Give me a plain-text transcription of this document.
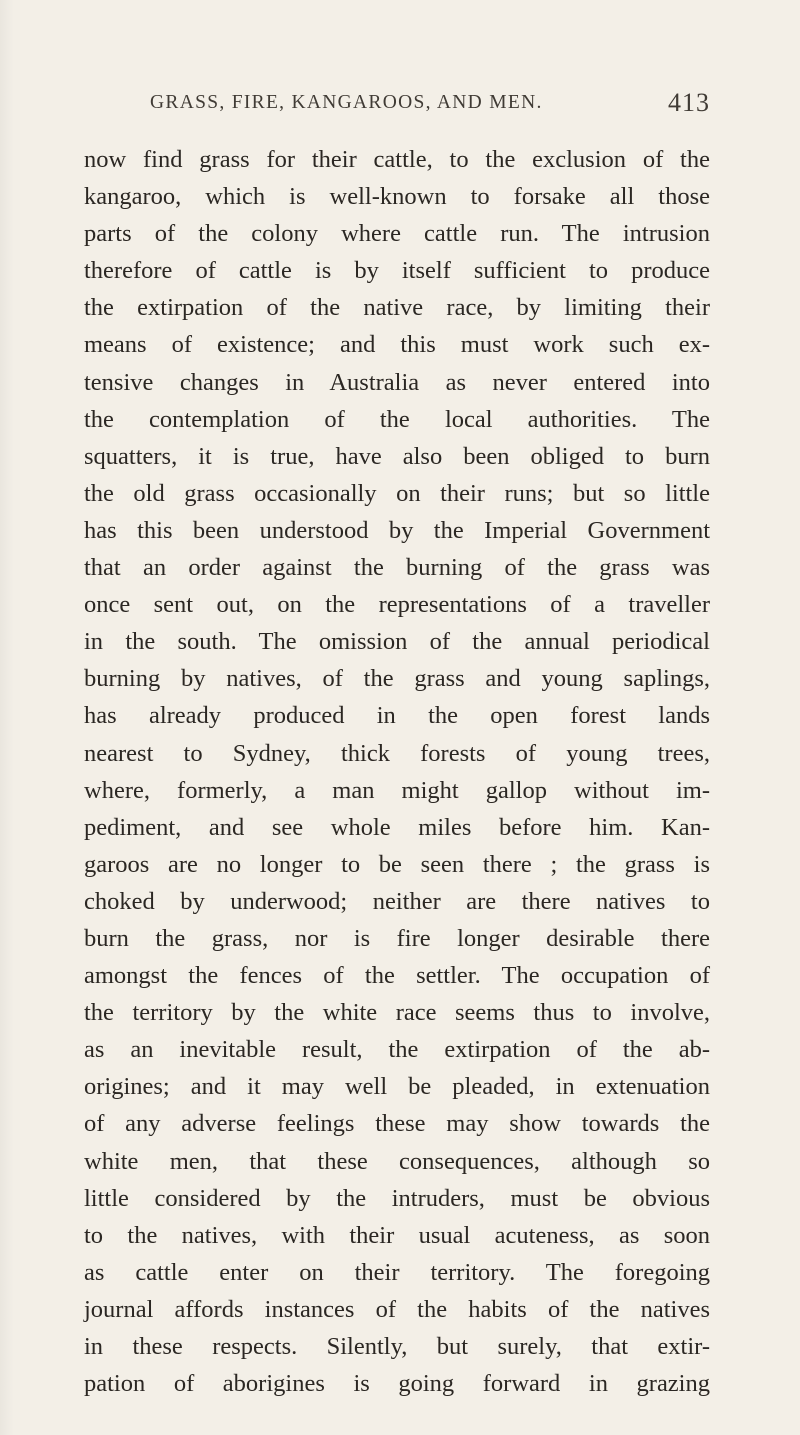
GRASS, FIRE, KANGAROOS, AND MEN.	413
now find grass for their cattle, to the exclusion of the
kangaroo, which is well-known to forsake all those
parts of the colony where cattle run. The intrusion
therefore of cattle is by itself sufficient to produce
the extirpation of the native race, by limiting their
means of existence; and this must work such ex-
tensive changes in Australia as never entered into
the contemplation of the local authorities. The
squatters, it is true, have also been obliged to burn
the old grass occasionally on their runs; but so little
has this been understood by the Imperial Government
that an order against the burning of the grass was
once sent out, on the representations of a traveller
in the south. The omission of the annual periodical
burning by natives, of the grass and young saplings,
has already produced in the open forest lands
nearest to Sydney, thick forests of young trees,
where, formerly, a man might gallop without im-
pediment, and see whole miles before him. Kan-
garoos are no longer to be seen there ; the grass is
choked by underwood; neither are there natives to
burn the grass, nor is fire longer desirable there
amongst the fences of the settler. The occupation of
the territory by the white race seems thus to involve,
as an inevitable result, the extirpation of the ab-
origines; and it may well be pleaded, in extenuation
of any adverse feelings these may show towards the
white men, that these consequences, although so
little considered by the intruders, must be obvious
to the natives, with their usual acuteness, as soon
as cattle enter on their territory. The foregoing
journal affords instances of the habits of the natives
in these respects. Silently, but surely, that extir-
pation of aborigines is going forward in grazing
